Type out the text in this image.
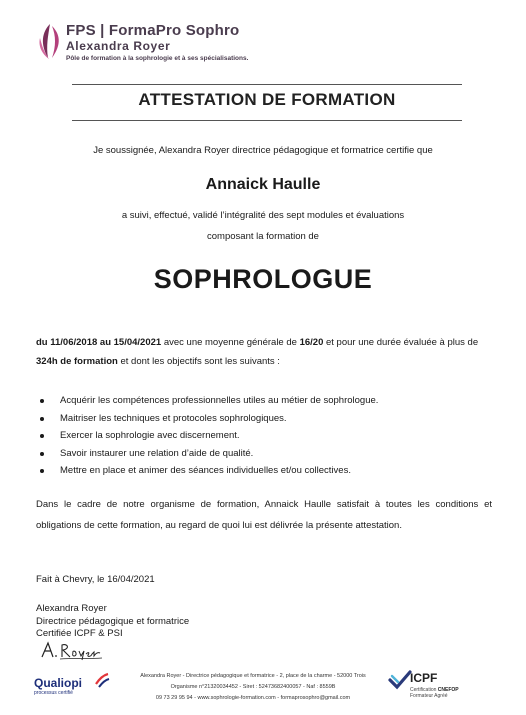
FPS | FormaPro Sophro
Alexandra Royer
Pôle de formation à la sophrologie et à ses spécialisations.
ATTESTATION DE FORMATION
Je soussignée, Alexandra Royer directrice pédagogique et formatrice certifie que
Annaick Haulle
a suivi, effectué, validé l’intégralité des sept modules et évaluations
composant la formation de
SOPHROLOGUE
du 11/06/2018 au 15/04/2021 avec une moyenne générale de 16/20 et pour une durée évaluée à plus de 324h de formation et dont les objectifs sont les suivants :
Acquérir les compétences professionnelles utiles au métier de sophrologue.
Maitriser les techniques et protocoles sophrologiques.
Exercer la sophrologie avec discernement.
Savoir instaurer une relation d’aide de qualité.
Mettre en place et animer des séances individuelles et/ou collectives.
Dans le cadre de notre organisme de formation, Annaick Haulle satisfait à toutes les conditions et obligations de cette formation, au regard de quoi lui est délivrée la présente attestation.
Fait à Chevry, le 16/04/2021
Alexandra Royer
Directrice pédagogique et formatrice
Certifiée ICPF & PSI
Qualiopi
processus certifié
Alexandra Royer - Directrice pédagogique et formatrice - 2, place de la charme - 52000 Trois
Organisme n°21320034452 - Siret : 52473682400057 - Naf : 8559B
09 73 29 95 94 - www.sophrologie-formation.com - formaprosophro@gmail.com
ICPF
Certification CNEFOP
Formateur Agréé
